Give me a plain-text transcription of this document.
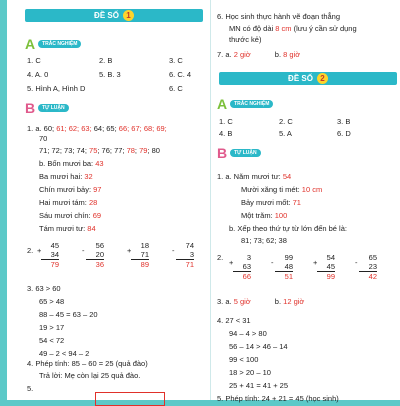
ĐỀ SỐ 1
A	TRẮC NGHIỆM
1. C	2. B	3. C
4. A. 0	5. B. 3	6. C. 4
5. Hình A, Hình D	6. C
B	TỰ LUẬN
1. a. 60; 61; 62; 63; 64; 65; 66; 67; 68; 69;
70
71; 72; 73; 74; 75; 76; 77; 78; 79; 80
b. Bốn mươi ba: 43
2.
4. Phép tính: 85 – 60 = 25 (quả đào)
Trả lời: Mẹ còn lại 25 quả đào.
5.
6. Học sinh thực hành vẽ đoạn thẳng
MN có độ dài 8 cm (lưu ý cần sử dụng
thước kẻ)
7. a. 2 giờ	b. 8 giờ
ĐỀ SỐ 2
A	TRẮC NGHIỆM
1. C	2. C	3. B
4. B	5. A	6. D
B	TỰ LUẬN
b. Xếp theo thứ tự từ lớn đến bé là:
81; 73; 62; 38
2.
3. a. 5 giờ	b. 12 giờ
5. Phép tính: 24 + 21 = 45 (học sinh)
Ba mươi hai: 32
Chín mươi bảy: 97
Hai mươi tám: 28
Sáu mươi chín: 69
Tám mươi tư: 84
+
45
34
79
-
56
20
36
+
18
71
89
-
74
3
71	+
3
63
66
-
99
48
51
+
54
45
99
-
65
23
42
3. 63 > 60
65 > 48
88 – 45 = 63 – 20
19 > 17
54 < 72
49 – 2 < 94 – 2
1. a. Năm mươi tư: 54
Mười xăng ti mét: 10 cm
Bảy mươi mốt: 71
Một trăm: 100
4. 27 < 31
94 – 4 > 80
56 – 14 > 46 – 14
99 < 100
18 > 20 – 10
25 + 41 = 41 + 25
